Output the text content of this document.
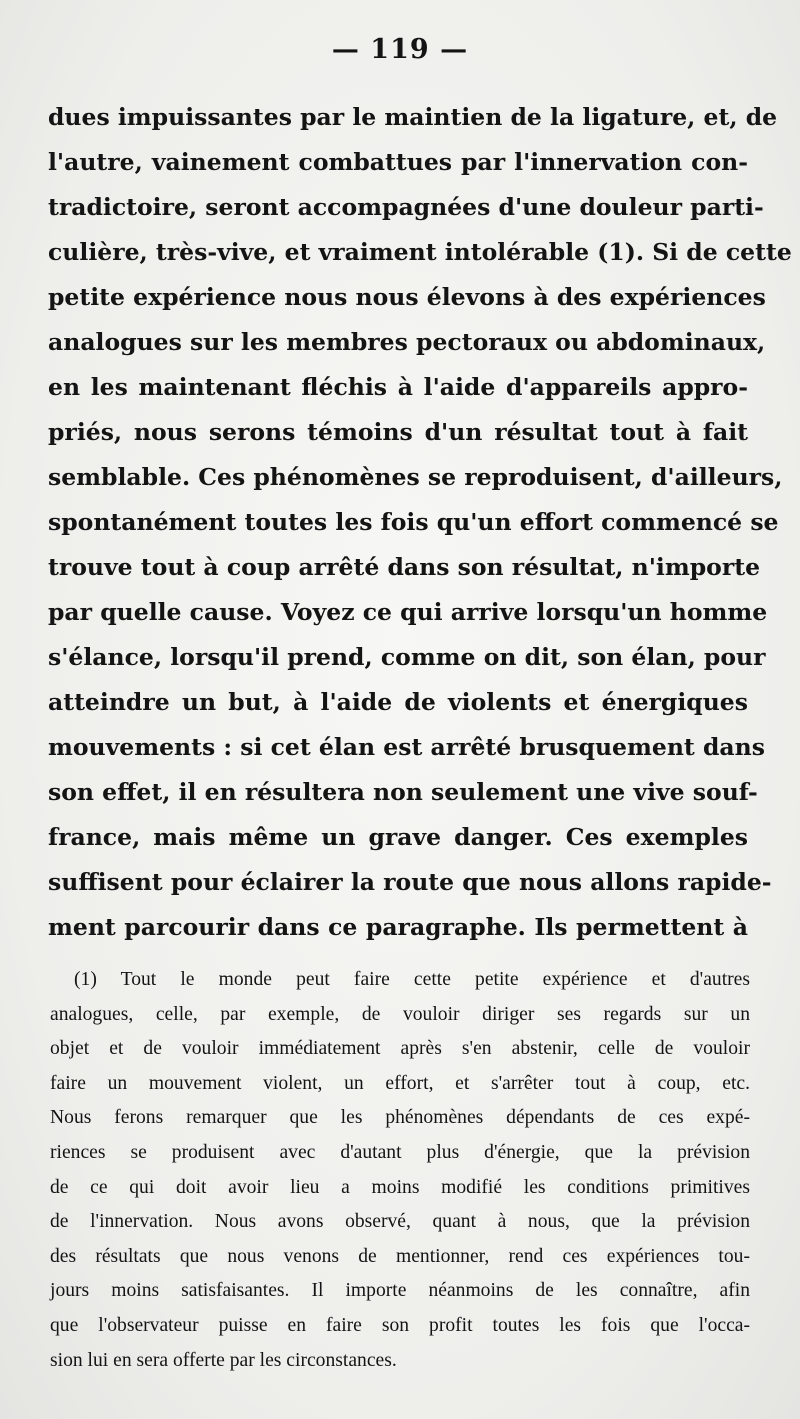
— 119 —

dues impuissantes par le maintien de la ligature, et, de
l'autre, vainement combattues par l'innervation con-
tradictoire, seront accompagnées d'une douleur parti-
culière, très-vive, et vraiment intolérable (1). Si de cette
petite expérience nous nous élevons à des expériences
analogues sur les membres pectoraux ou abdominaux,
en les maintenant fléchis à l'aide d'appareils appro-
priés, nous serons témoins d'un résultat tout à fait
semblable. Ces phénomènes se reproduisent, d'ailleurs,
spontanément toutes les fois qu'un effort commencé se
trouve tout à coup arrêté dans son résultat, n'importe
par quelle cause. Voyez ce qui arrive lorsqu'un homme
s'élance, lorsqu'il prend, comme on dit, son élan, pour
atteindre un but, à l'aide de violents et énergiques
mouvements : si cet élan est arrêté brusquement dans
son effet, il en résultera non seulement une vive souf-
france, mais même un grave danger. Ces exemples
suffisent pour éclairer la route que nous allons rapide-
ment parcourir dans ce paragraphe. Ils permettent à

(1) Tout le monde peut faire cette petite expérience et d'autres
analogues, celle, par exemple, de vouloir diriger ses regards sur un
objet et de vouloir immédiatement après s'en abstenir, celle de vouloir
faire un mouvement violent, un effort, et s'arrêter tout à coup, etc.
Nous ferons remarquer que les phénomènes dépendants de ces expé-
riences se produisent avec d'autant plus d'énergie, que la prévision
de ce qui doit avoir lieu a moins modifié les conditions primitives
de l'innervation. Nous avons observé, quant à nous, que la prévision
des résultats que nous venons de mentionner, rend ces expériences tou-
jours moins satisfaisantes. Il importe néanmoins de les connaître, afin
que l'observateur puisse en faire son profit toutes les fois que l'occa-
sion lui en sera offerte par les circonstances.
